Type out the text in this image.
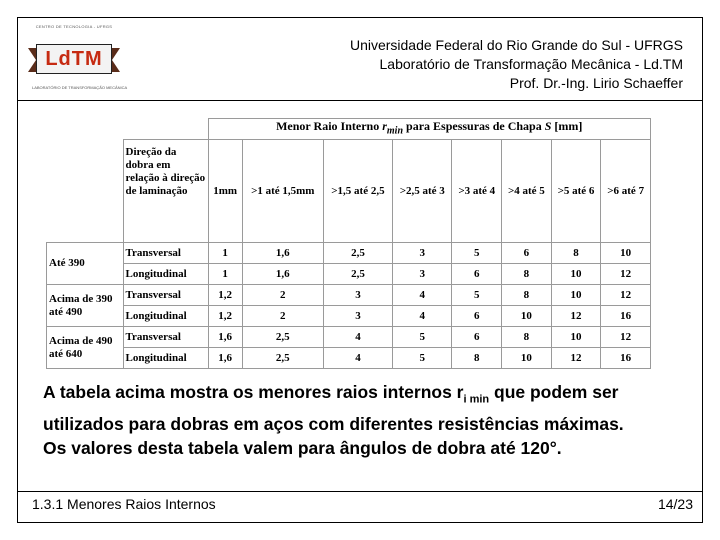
CENTRO DE TECNOLOGIA - UFRGS
LdTM
LABORATÓRIO DE TRANSFORMAÇÃO MECÂNICA
Universidade Federal do Rio Grande do Sul - UFRGS
Laboratório de Transformação Mecânica - Ld.TM
Prof. Dr.-Ing. Lirio Schaeffer
		Menor Raio Interno $r_{min}$ para Espessuras de Chapa S [mm]							
	Direção da dobra em relação à direção de laminação	1mm	>1 até 1,5mm	>1,5 até 2,5	>2,5 até 3	>3 até 4	>4 até 5	>5 até 6	>6 até 7
Até 390	Transversal	1	1,6	2,5	3	5	6	8	10
	Longitudinal	1	1,6	2,5	3	6	8	10	12
Acima de 390 até 490	Transversal	1,2	2	3	4	5	8	10	12
	Longitudinal	1,2	2	3	4	6	10	12	16
Acima de 490 até 640	Transversal	1,6	2,5	4	5	6	8	10	12
	Longitudinal	1,6	2,5	4	5	8	10	12	16

A tabela acima mostra os menores raios internos $r_{i min}$ que podem ser utilizados para dobras em aços com diferentes resistências máximas.

Os valores desta tabela valem para ângulos de dobra até 120°.

1.3.1 Menores Raios Internos	14/23
